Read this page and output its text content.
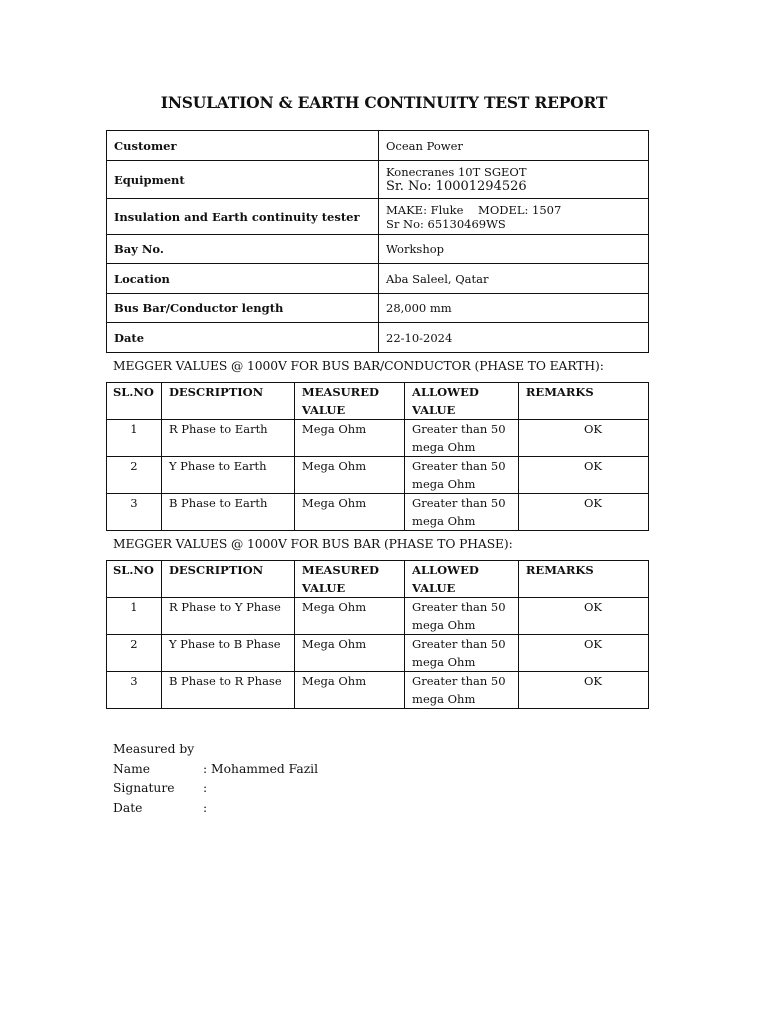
INSULATION & EARTH CONTINUITY TEST REPORT
Customer	Ocean Power
Equipment	Konecranes 10T SGEOT
Sr. No: 10001294526

Insulation and Earth continuity tester	MAKE: Fluke    MODEL: 1507
Sr No: 65130469WS

Bay No.	Workshop
Location	Aba Saleel, Qatar
Bus Bar/Conductor length	28,000 mm
Date	22-10-2024
MEGGER VALUES @ 1000V FOR BUS BAR/CONDUCTOR (PHASE TO EARTH):
SL.NO	DESCRIPTION	MEASURED VALUE	ALLOWED VALUE	REMARKS
1	R Phase to Earth	Mega Ohm	Greater than 50 mega Ohm	OK
2	Y Phase to Earth	Mega Ohm	Greater than 50 mega Ohm	OK
3	B Phase to Earth	Mega Ohm	Greater than 50 mega Ohm	OK
MEGGER VALUES @ 1000V FOR BUS BAR (PHASE TO PHASE):
SL.NO	DESCRIPTION	MEASURED VALUE	ALLOWED VALUE	REMARKS
1	R Phase to Y Phase	Mega Ohm	Greater than 50 mega Ohm	OK
2	Y Phase to B Phase	Mega Ohm	Greater than 50 mega Ohm	OK
3	B Phase to R Phase	Mega Ohm	Greater than 50 mega Ohm	OK
Measured by
Name	: Mohammed Fazil
Signature	:
Date	:
